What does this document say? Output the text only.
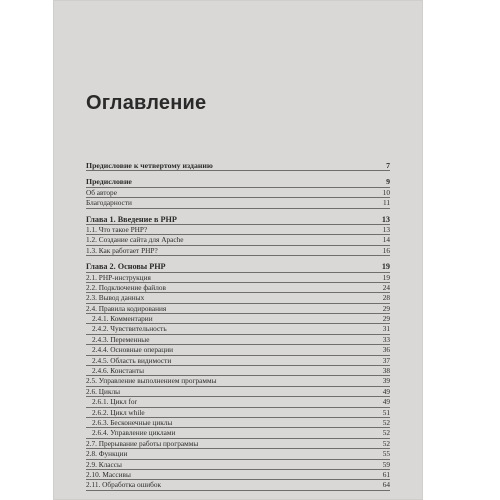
Оглавление
Предисловие к четвертому изданию	7
Предисловие	9
Об авторе	10
Благодарности	11
Глава 1. Введение в PHP	13
1.1. Что такое PHP?	13
1.2. Создание сайта для Apache	14
1.3. Как работает PHP?	16
Глава 2. Основы PHP	19
2.1. PHP-инструкция	19
2.2. Подключение файлов	24
2.3. Вывод данных	28
2.4. Правила кодирования	29
2.4.1. Комментарии	29
2.4.2. Чувствительность	31
2.4.3. Переменные	33
2.4.4. Основные операции	36
2.4.5. Область видимости	37
2.4.6. Константы	38
2.5. Управление выполнением программы	39
2.6. Циклы	49
2.6.1. Цикл for	49
2.6.2. Цикл while	51
2.6.3. Бесконечные циклы	52
2.6.4. Управление циклами	52
2.7. Прерывание работы программы	52
2.8. Функции	55
2.9. Классы	59
2.10. Массивы	61
2.11. Обработка ошибок	64
